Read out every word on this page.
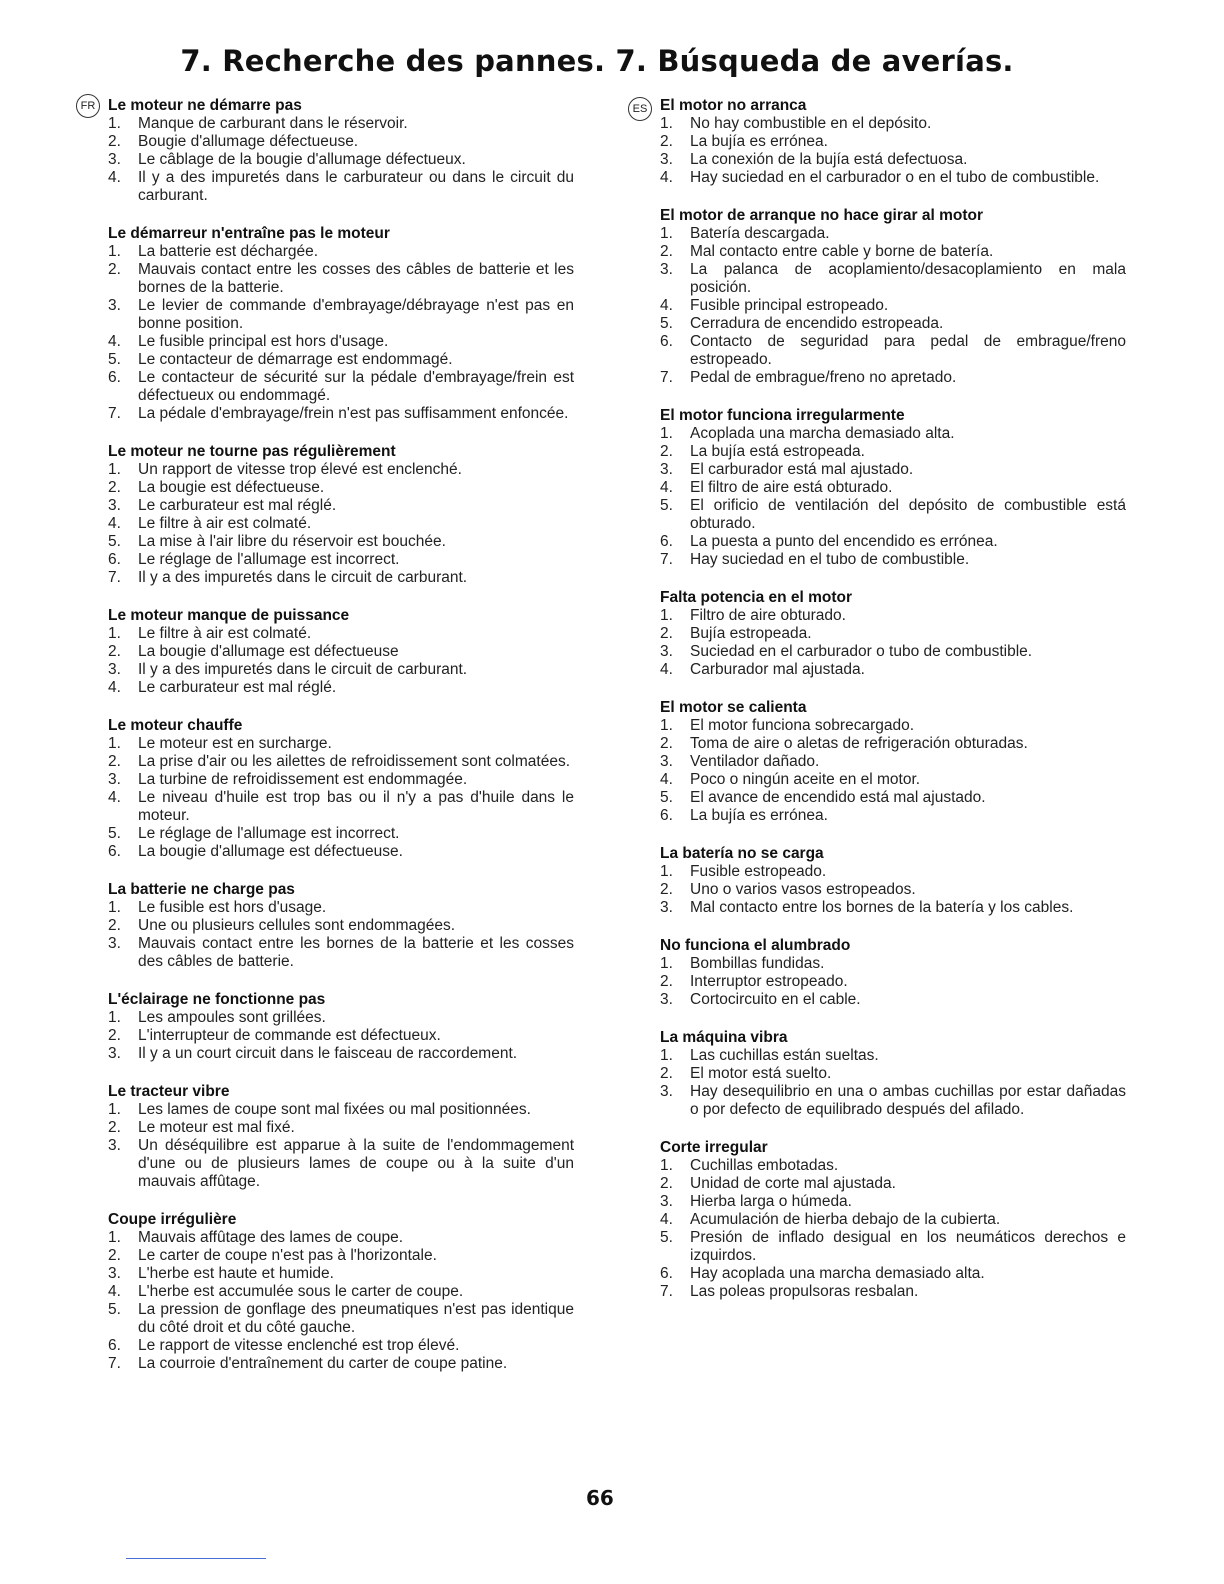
7. Recherche des pannes. 7. Búsqueda de averías.
FR	ES
Le moteur ne démarre pas
1.	Manque de carburant dans le réservoir.
2.	Bougie d'allumage défectueuse.
3.	Le câblage de la bougie d'allumage défectueux.
4.	Il y a des impuretés dans le carburateur ou dans le circuit du carburant.
Le démarreur n'entraîne pas le moteur
1.	La batterie est déchargée.
2.	Mauvais contact entre les cosses des câbles de batterie et les bornes de la batterie.
3.	Le levier de commande d'embrayage/débrayage n'est pas en bonne position.
4.	Le fusible principal est hors d'usage.
5.	Le contacteur de démarrage est endommagé.
6.	Le contacteur de sécurité sur la pédale d'embrayage/frein est défectueux ou endommagé.
7.	La pédale d'embrayage/frein n'est pas suffisamment enfoncée.
Le moteur ne tourne pas régulièrement
1.	Un rapport de vitesse trop élevé est enclenché.
2.	La bougie est défectueuse.
3.	Le carburateur est mal réglé.
4.	Le filtre à air est colmaté.
5.	La mise à l'air libre du réservoir est bouchée.
6.	Le réglage de l'allumage est incorrect.
7.	Il y a des impuretés dans le circuit de carburant.
Le moteur manque de puissance
1.	Le filtre à air est colmaté.
2.	La bougie d'allumage est défectueuse
3.	Il y a des impuretés dans le circuit de carburant.
4.	Le carburateur est mal réglé.
Le moteur chauffe
1.	Le moteur est en surcharge.
2.	La prise d'air ou les ailettes de refroidissement sont colmatées.
3.	La turbine de refroidissement est endommagée.
4.	Le niveau d'huile est trop bas ou il n'y a pas d'huile dans le moteur.
5.	Le réglage de l'allumage est incorrect.
6.	La bougie d'allumage est défectueuse.
La batterie ne charge pas
1.	Le fusible est hors d'usage.
2.	Une ou plusieurs cellules sont endommagées.
3.	Mauvais contact entre les bornes de la batterie et les cosses des câbles de batterie.
L'éclairage ne fonctionne pas
1.	Les ampoules sont grillées.
2.	L'interrupteur de commande est défectueux.
3.	Il y a un court circuit dans le faisceau de raccordement.
Le tracteur vibre
1.	Les lames de coupe sont mal fixées ou mal positionnées.
2.	Le moteur est mal fixé.
3.	Un déséquilibre est apparue à la suite de l'endommagement d'une ou de plusieurs lames de coupe ou à la suite d'un mauvais affûtage.
Coupe irrégulière
1.	Mauvais affûtage des lames de coupe.
2.	Le carter de coupe n'est pas à l'horizontale.
3.	L'herbe est haute et humide.
4.	L'herbe est accumulée sous le carter de coupe.
5.	La pression de gonflage des pneumatiques n'est pas identique du côté droit et du côté gauche.
6.	Le rapport de vitesse enclenché est trop élevé.
7.	La courroie d'entraînement du carter de coupe patine.
El motor no arranca
1.	No hay combustible en el depósito.
2.	La bujía es errónea.
3.	La conexión de la bujía está defectuosa.
4.	Hay suciedad en el carburador o en el tubo de combustible.
El motor de arranque no hace girar al motor
1.	Batería descargada.
2.	Mal contacto entre cable y borne de batería.
3.	La palanca de acoplamiento/desacoplamiento en mala posición.
4.	Fusible principal estropeado.
5.	Cerradura de encendido estropeada.
6.	Contacto de seguridad para pedal de embrague/freno estropeado.
7.	Pedal de embrague/freno no apretado.
El motor funciona irregularmente
1.	Acoplada una marcha demasiado alta.
2.	La bujía está estropeada.
3.	El carburador está mal ajustado.
4.	El filtro de aire está obturado.
5.	El orificio de ventilación del depósito de combustible está obturado.
6.	La puesta a punto del encendido es errónea.
7.	Hay suciedad en el tubo de combustible.
Falta potencia en el motor
1.	Filtro de aire obturado.
2.	Bujía estropeada.
3.	Suciedad en el carburador o tubo de combustible.
4.	Carburador mal ajustada.
El motor se calienta
1.	El motor funciona sobrecargado.
2.	Toma de aire o aletas de refrigeración obturadas.
3.	Ventilador dañado.
4.	Poco o ningún aceite en el motor.
5.	El avance de encendido está mal ajustado.
6.	La bujía es errónea.
La batería no se carga
1.	Fusible estropeado.
2.	Uno o varios vasos estropeados.
3.	Mal contacto entre los bornes de la batería y los cables.
No funciona el alumbrado
1.	Bombillas fundidas.
2.	Interruptor estropeado.
3.	Cortocircuito en el cable.
La máquina vibra
1.	Las cuchillas están sueltas.
2.	El motor está suelto.
3.	Hay desequilibrio en una o ambas cuchillas por estar dañadas o por defecto de equilibrado después del afilado.
Corte irregular
1.	Cuchillas embotadas.
2.	Unidad de corte mal ajustada.
3.	Hierba larga o húmeda.
4.	Acumulación de hierba debajo de la cubierta.
5.	Presión de inflado desigual en los neumáticos derechos e izquirdos.
6.	Hay acoplada una marcha demasiado alta.
7.	Las poleas propulsoras resbalan.
66
